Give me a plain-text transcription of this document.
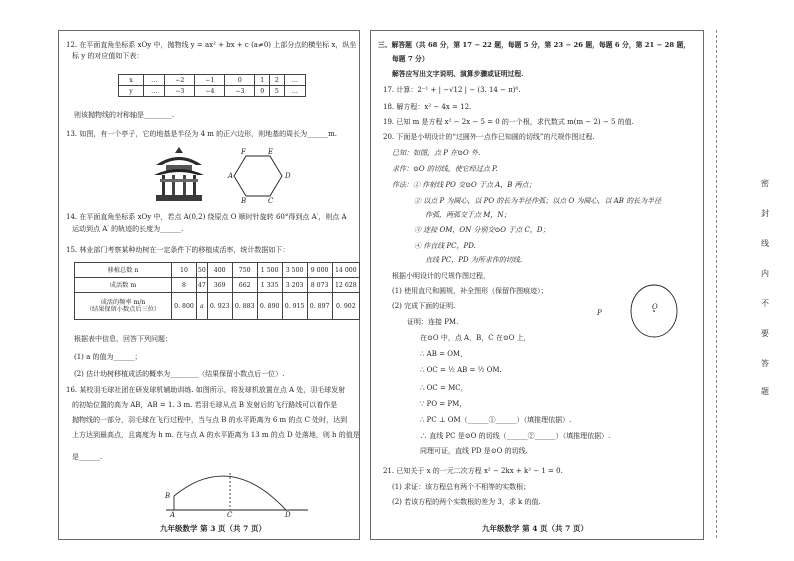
12. 在平面直角坐标系 xOy 中，抛物线 y = ax² + bx + c (a≠0) 上部分点的横坐标 x，纵坐
标 y 的对应值如下表：
x	…	−2	−1	0	1	2	…
y	…	−3	−4	−3	0	5	…
则该抛物线的对称轴是________.
13. 如图，有一个亭子，它的地基是半径为 4 m 的正六边形，则地基的周长为______m.
F	E
A	D
B	C
14. 在平面直角坐标系 xOy 中，若点 A(0,2) 绕原点 O 顺时针旋转 60°得到点 A′，则点 A
运动到点 A′ 的轨迹的长度为______.
15. 林业部门考察某种幼树在一定条件下的移植成活率，统计数据如下：
移植总数 n	10	50	400	750	1 500	3 500	9 000	14 000
成活数 m	8	47	369	662	1 335	3 203	8 073	12 628

成活的频率 m/n
（结果保留小数点后三位）	0. 800	a	0. 923	0. 883	0. 890	0. 915	0. 897	0. 902
根据表中信息，回答下列问题：
(1) a 的值为______；
(2) 估计幼树移植成活的概率为________（结果保留小数点后一位）.
16. 某校羽毛球社团在研发球机辅助训练. 如图所示，将发球机放置在点 A 处，羽毛球发射
的初始位置的高为 AB，AB = 1. 3 m. 若羽毛球从点 B 发射后的飞行路线可以看作是
抛物线的一部分，羽毛球在飞行过程中，当与点 B 的水平距离为 6 m 的点 C 处时，达到
上方达到最高点，且离度为 h m. 在与点 A 的水平距离为 13 m 的点 D 处落地，则 h 的值是
是______.
B
A	C	D
九年级数学 第 3 页（共 7 页）
三、解答题（共 68 分，第 17 − 22 题，每题 5 分，第 23 − 26 题，每题 6 分，第 21 − 28 题，
每题 7 分）
解答应写出文字说明、演算步骤或证明过程.
17. 计算：2⁻¹ + | −√12 | − (3. 14 − π)⁰.
18. 解方程：x² − 4x = 12.
19. 已知 m 是方程 x² − 2x − 5 = 0 的一个根，求代数式 m(m − 2) − 5 的值.
20. 下面是小明设计的“过圆外一点作已知圆的切线”的尺规作图过程.
已知：如图，点 P 在⊙O 外.
求作：⊙O 的切线，使它经过点 P.
作法：① 作射线 PO 交⊙O 于点 A，B 两点；
② 以点 P 为圆心，以 PO 的长为半径作弧；以点 O 为圆心，以 AB 的长为半径
作弧，两弧交于点 M，N；
③ 连接 OM，ON 分别交⊙O 于点 C，D；
④ 作直线 PC，PD.
直线 PC，PD 为所求作的切线.
根据小明设计的尺规作图过程，
(1) 使用直尺和圆规，补全图形（保留作图痕迹）；
(2) 完成下面的证明.
证明：连接 PM.
在⊙O 中，点 A，B，C 在⊙O 上，
∴ AB = OM，
∴ OC = ½ AB = ½ OM.
∴ OC = MC，
∵ PO = PM，
∴ PC ⊥ OM（______①______）（填推理依据）.
∴ 直线 PC 是⊙O 的切线（______②______）（填推理依据）.
同理可证，直线 PD 是⊙O 的切线.
P
O
21. 已知关于 x 的一元二次方程 x² − 2kx + k² − 1 = 0.
(1) 求证：该方程总有两个不相等的实数根；
(2) 若该方程的两个实数根的差为 3，求 k 的值.
九年级数学 第 4 页（共 7 页）
密
封
线
内
不
要
答
题
